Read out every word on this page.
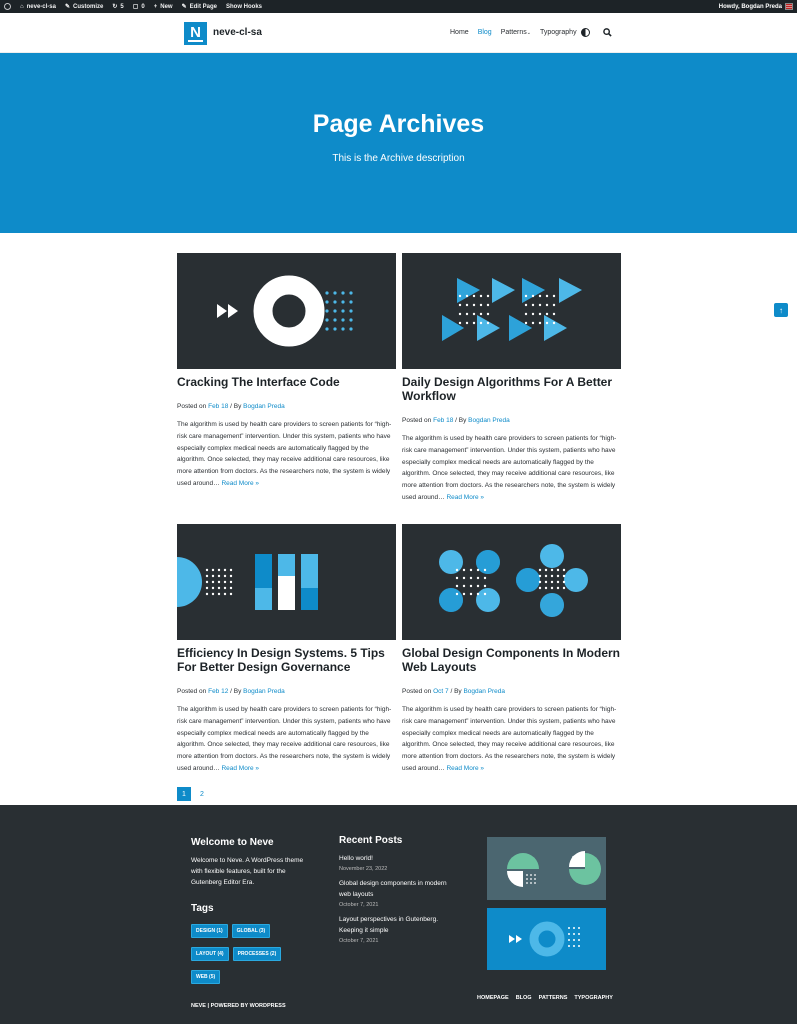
⌂ neve-cl-sa ✎ Customize ↻ 5 ▢ 0 + New ✎ Edit Page Show Hooks	Howdy, Bogdan Preda
N neve-cl-sa	Home Blog Patterns⌄ Typography
Page Archives

This is the Archive description

Cracking The Interface Code
Posted on Feb 18 / By Bogdan Preda
The algorithm is used by health care providers to screen patients for “high-risk care management” intervention. Under this system, patients who have especially complex medical needs are automatically flagged by the algorithm. Once selected, they may receive additional care resources, like more attention from doctors. As the researchers note, the system is widely used around… Read More »
Daily Design Algorithms For A Better Workflow
Posted on Feb 18 / By Bogdan Preda
The algorithm is used by health care providers to screen patients for “high-risk care management” intervention. Under this system, patients who have especially complex medical needs are automatically flagged by the algorithm. Once selected, they may receive additional care resources, like more attention from doctors. As the researchers note, the system is widely used around… Read More »
Efficiency In Design Systems. 5 Tips For Better Design Governance
Posted on Feb 12 / By Bogdan Preda
The algorithm is used by health care providers to screen patients for “high-risk care management” intervention. Under this system, patients who have especially complex medical needs are automatically flagged by the algorithm. Once selected, they may receive additional care resources, like more attention from doctors. As the researchers note, the system is widely used around… Read More »
Global Design Components In Modern Web Layouts
Posted on Oct 7 / By Bogdan Preda
The algorithm is used by health care providers to screen patients for “high-risk care management” intervention. Under this system, patients who have especially complex medical needs are automatically flagged by the algorithm. Once selected, they may receive additional care resources, like more attention from doctors. As the researchers note, the system is widely used around… Read More »
1	2
↑
Welcome to Neve
Welcome to Neve. A WordPress theme with flexible features, built for the Gutenberg Editor Era.
Tags
DESIGN (1)	GLOBAL (3) LAYOUT (4)	PROCESSES (2) WEB (5)
Recent Posts
Hello world!
November 23, 2022
Global design components in modern web layouts
October 7, 2021
Layout perspectives in Gutenberg. Keeping it simple
October 7, 2021
NEVE | POWERED BY WORDPRESS
HOMEPAGE BLOG PATTERNS TYPOGRAPHY
